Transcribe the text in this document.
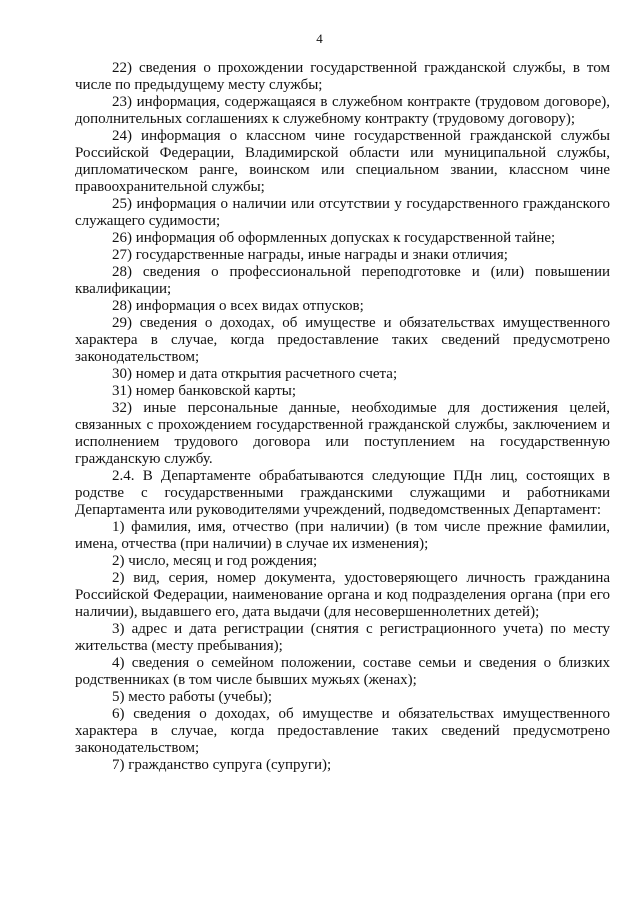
4

22) сведения о прохождении государственной гражданской службы, в том числе по предыдущему месту службы;

23) информация, содержащаяся в служебном контракте (трудовом договоре), дополнительных соглашениях к служебному контракту (трудовому договору);

24) информация о классном чине государственной гражданской службы Российской Федерации, Владимирской области или муниципальной службы, дипломатическом ранге, воинском или специальном звании, классном чине правоохранительной службы;

25) информация о наличии или отсутствии у государственного гражданского служащего судимости;

26) информация об оформленных допусках к государственной тайне;

27) государственные награды, иные награды и знаки отличия;

28) сведения о профессиональной переподготовке и (или) повышении квалификации;

28) информация о всех видах отпусков;

29) сведения о доходах, об имуществе и обязательствах имущественного характера в случае, когда предоставление таких сведений предусмотрено законодательством;

30) номер и дата открытия расчетного счета;

31) номер банковской карты;

32) иные персональные данные, необходимые для достижения целей, связанных с прохождением государственной гражданской службы, заключением и исполнением трудового договора или поступлением на государственную гражданскую службу.

2.4. В Департаменте обрабатываются следующие ПДн лиц, состоящих в родстве с государственными гражданскими служащими и работниками Департамента или руководителями учреждений, подведомственных Департамент:

1) фамилия, имя, отчество (при наличии) (в том числе прежние фамилии, имена, отчества (при наличии) в случае их изменения);

2) число, месяц и год рождения;

2) вид, серия, номер документа, удостоверяющего личность гражданина Российской Федерации, наименование органа и код подразделения органа (при его наличии), выдавшего его, дата выдачи (для несовершеннолетних детей);

3) адрес и дата регистрации (снятия с регистрационного учета) по месту жительства (месту пребывания);

4) сведения о семейном положении, составе семьи и сведения о близких родственниках (в том числе бывших мужьях (женах);

5) место работы (учебы);

6) сведения о доходах, об имуществе и обязательствах имущественного характера в случае, когда предоставление таких сведений предусмотрено законодательством;

7) гражданство супруга (супруги);
